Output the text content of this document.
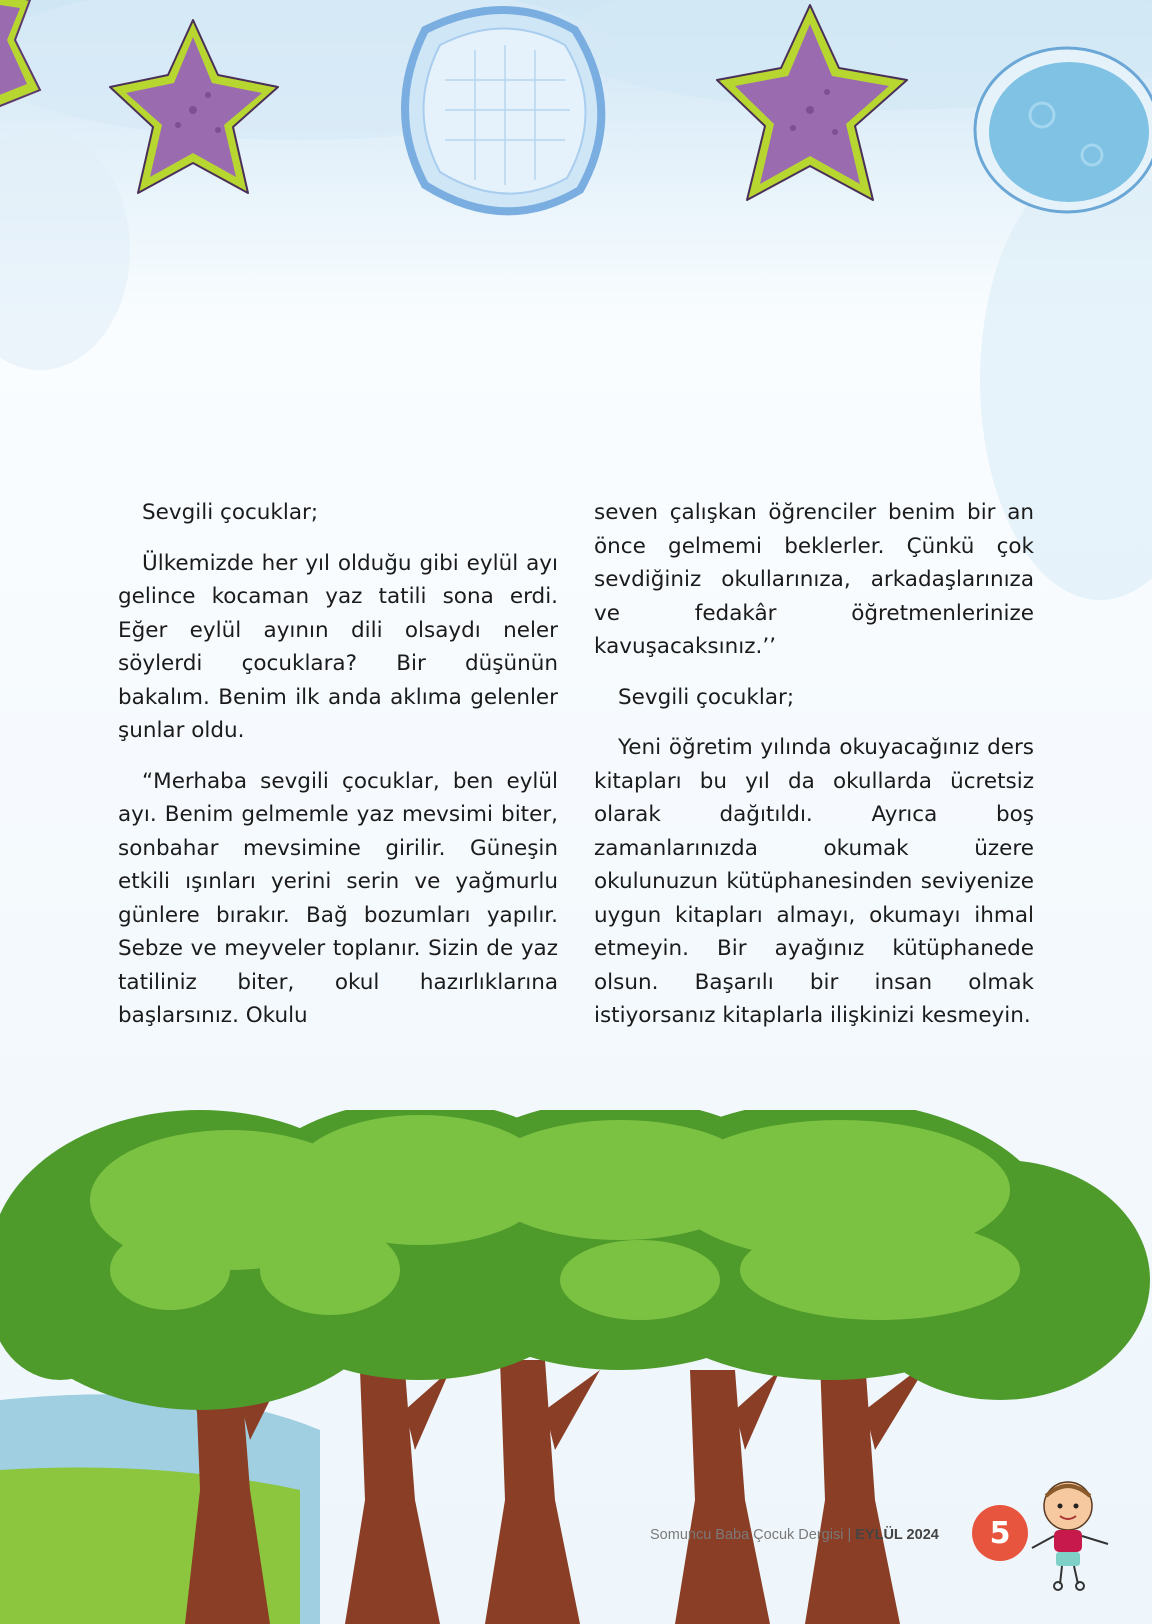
Sevgili çocuklar;

Ülkemizde her yıl olduğu gibi eylül ayı gelince kocaman yaz tatili sona erdi. Eğer eylül ayının dili olsaydı neler söylerdi çocuklara? Bir düşünün bakalım. Benim ilk anda aklıma gelenler şunlar oldu.

“Merhaba sevgili çocuklar, ben eylül ayı. Benim gelmemle yaz mevsimi biter, sonbahar mevsimine girilir. Güneşin etkili ışınları yerini serin ve yağmurlu günlere bırakır. Bağ bozumları yapılır. Sebze ve meyveler toplanır. Sizin de yaz tatiliniz biter, okul hazırlıklarına başlarsınız. Okulu

seven çalışkan öğrenciler benim bir an önce gelmemi beklerler. Çünkü çok sevdiğiniz okullarınıza, arkadaşlarınıza ve fedakâr öğretmenlerinize kavuşacaksınız.’’

Sevgili çocuklar;

Yeni öğretim yılında okuyacağınız ders kitapları bu yıl da okullarda ücretsiz olarak dağıtıldı. Ayrıca boş zamanlarınızda okumak üzere okulunuzun kütüphanesinden seviyenize uygun kitapları almayı, okumayı ihmal etmeyin. Bir ayağınız kütüphanede olsun. Başarılı bir insan olmak istiyorsanız kitaplarla ilişkinizi kesmeyin.

Somuncu Baba Çocuk Dergisi | EYLÜL 2024	5
